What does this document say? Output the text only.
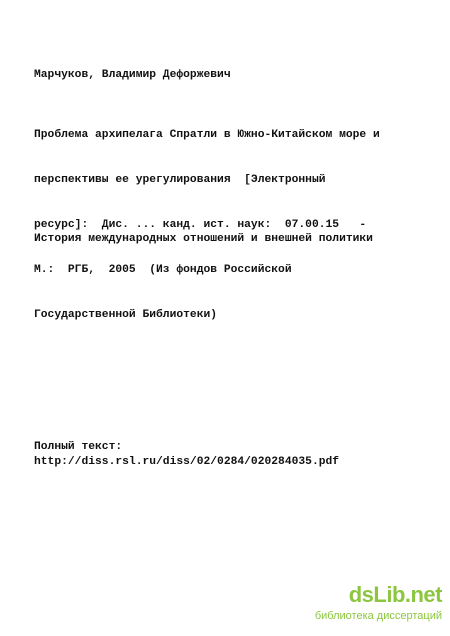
Марчуков, Владимир Дефоржевич

Проблема архипелага Спратли в Южно-Китайском море и

перспективы ее урегулирования  [Электронный

ресурс]:  Дис. ... канд. ист. наук:  07.00.15   -

М.:  РГБ,  2005  (Из фондов Российской

Государственной Библиотеки)

История международных отношений и внешней политики
Полный текст:
http://diss.rsl.ru/diss/02/0284/020284035.pdf
dsLib.net
библиотека диссертаций
